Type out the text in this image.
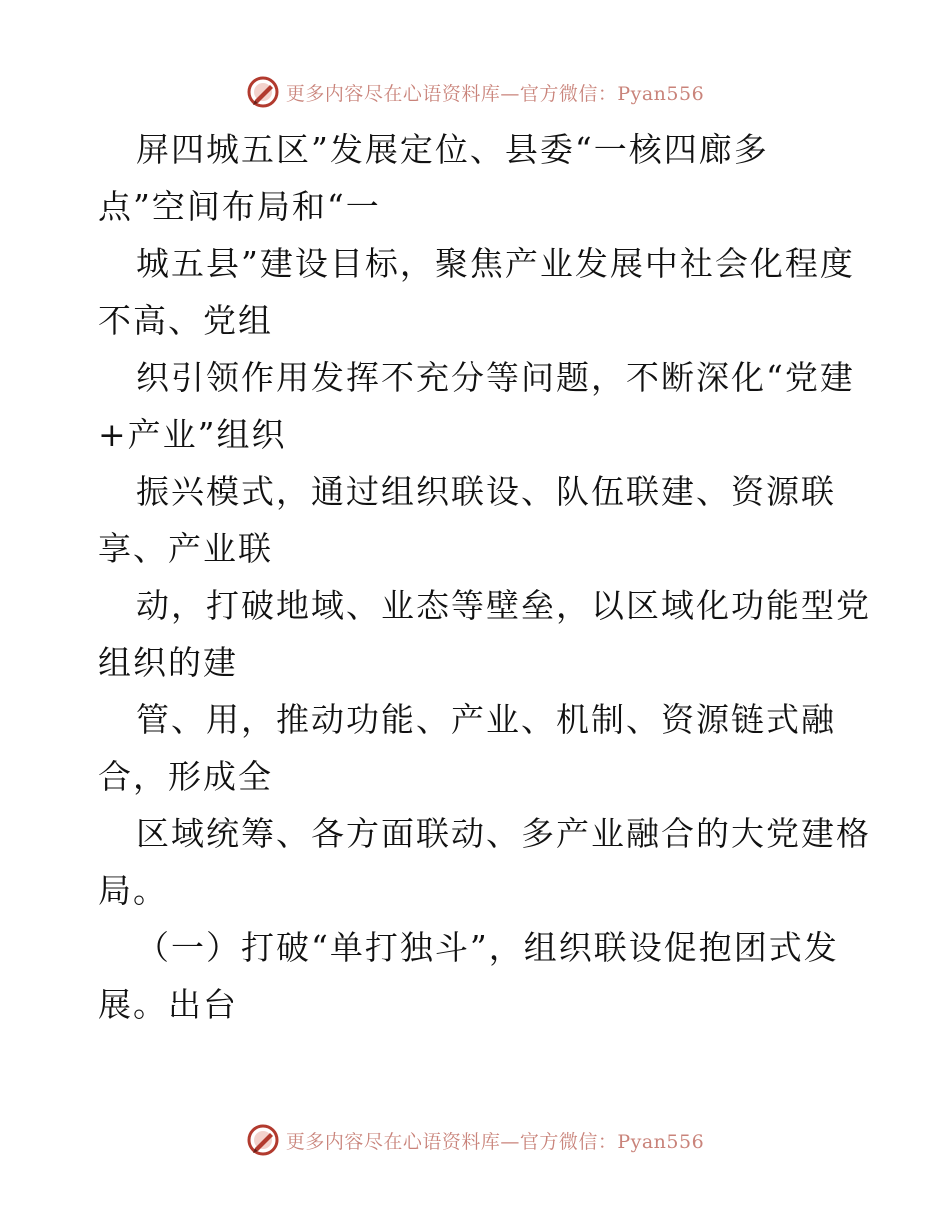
更多内容尽在心语资料库—官方微信：Pyan556
屏四城五区”发展定位、县委“一核四廊多
点”空间布局和“一
城五县”建设目标，聚焦产业发展中社会化程度
不高、党组
织引领作用发挥不充分等问题，不断深化“党建
+产业”组织
振兴模式，通过组织联设、队伍联建、资源联
享、产业联
动，打破地域、业态等壁垒，以区域化功能型党
组织的建
管、用，推动功能、产业、机制、资源链式融
合，形成全
区域统筹、各方面联动、多产业融合的大党建格
局。
（一）打破“单打独斗”，组织联设促抱团式发
展。出台
更多内容尽在心语资料库—官方微信：Pyan556
